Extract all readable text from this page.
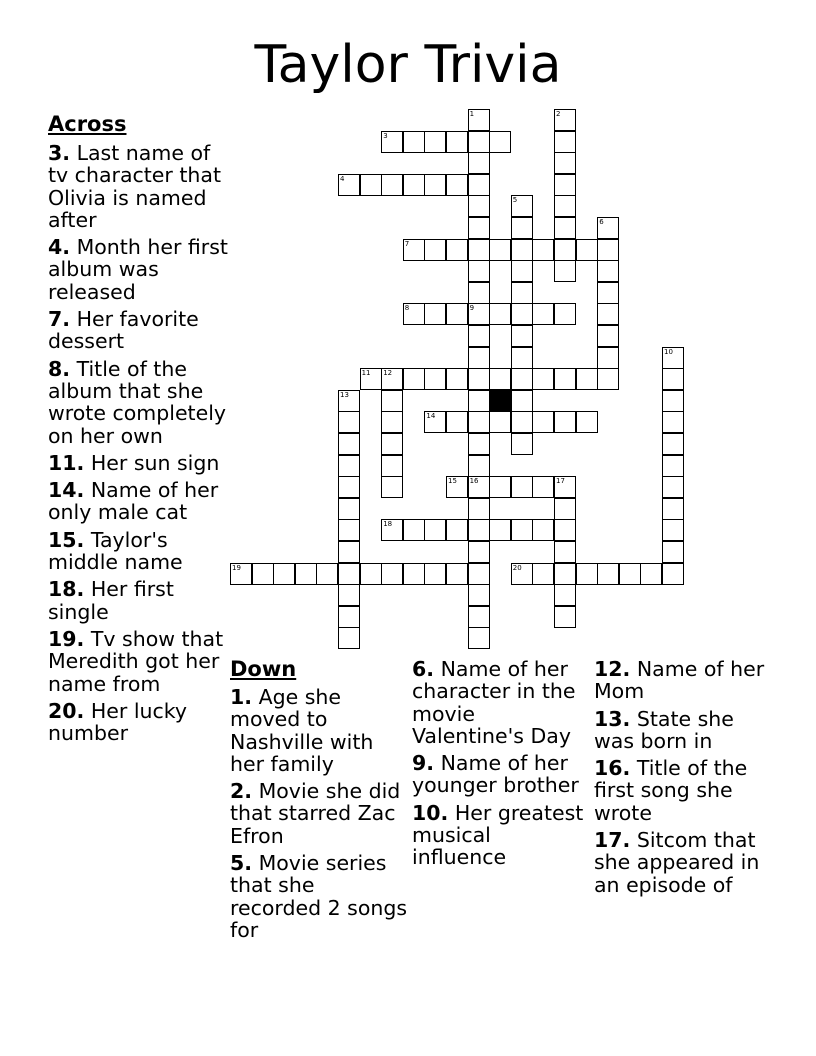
Taylor Trivia
1
9
2
3
4
5
6
7
8
16
10
11 12
13
14
15	17
18
19	20
Across
3. Last name of tv character that Olivia is named after
4. Month her first album was released
7. Her favorite dessert
8. Title of the album that she wrote completely on her own
11. Her sun sign
14. Name of her only male cat
15. Taylor's middle name
18. Her first single
19. Tv show that Meredith got her name from
20. Her lucky number
Down
1. Age she moved to Nashville with her family
2. Movie she did that starred Zac Efron
5. Movie series that she recorded 2 songs for
6. Name of her character in the movie Valentine's Day
9. Name of her younger brother
10. Her greatest musical influence
12. Name of her Mom
13. State she was born in
16. Title of the first song she wrote
17. Sitcom that she appeared in an episode of
